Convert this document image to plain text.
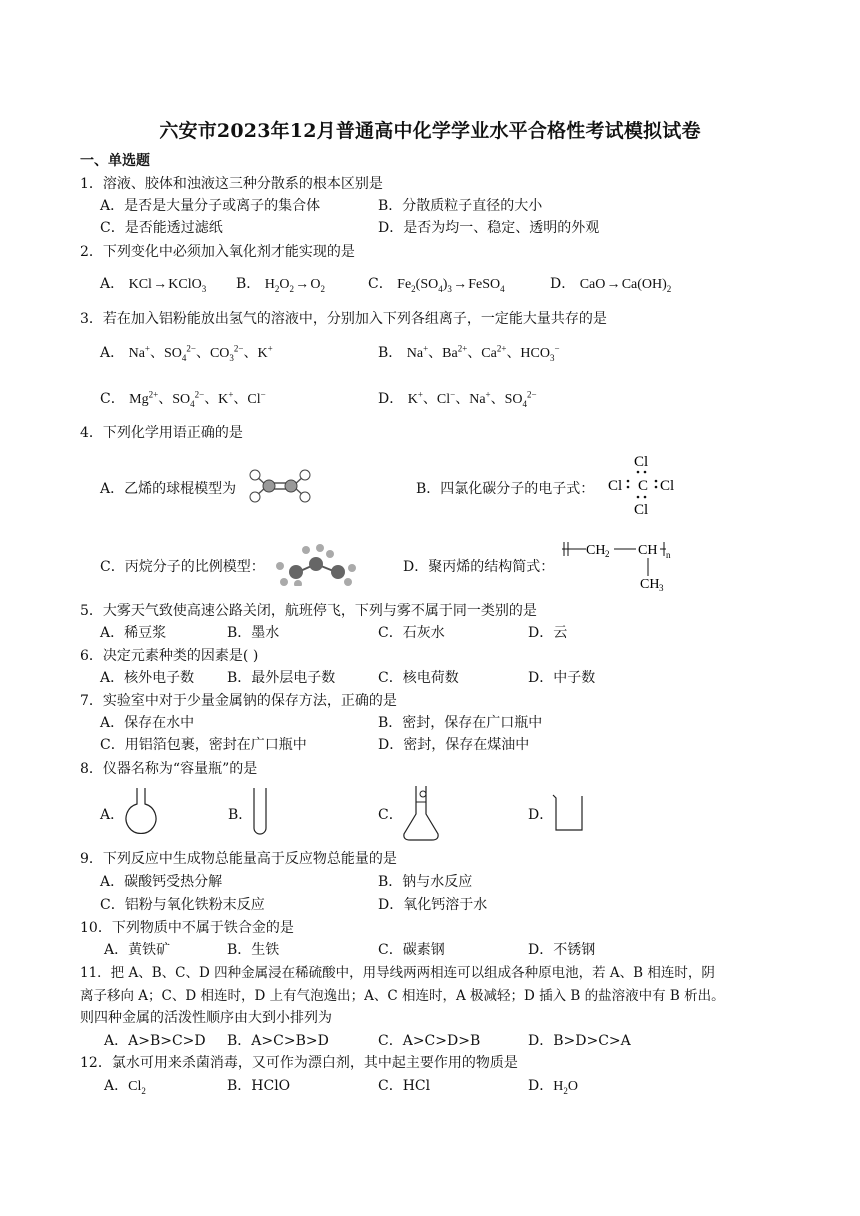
六安市2023年12月普通高中化学学业水平合格性考试模拟试卷
一、单选题
1．溶液、胶体和浊液这三种分散系的根本区别是
A．是否是大量分子或离子的集合体	B．分散质粒子直径的大小
C．是否能透过滤纸	D．是否为均一、稳定、透明的外观
2．下列变化中必须加入氧化剂才能实现的是
A． KCl → KClO$_3$ B． $H_2O_2$ → $O_2$	C． $Fe_2(SO_4)_3$ → FeSO$_4$	D． CaO → $Ca(OH)_2$
3．若在加入铝粉能放出氢气的溶液中，分别加入下列各组离子，一定能大量共存的是
A． Na+、$SO_4^{2-}$、$CO_3^{2-}$、K+	B． Na+、$Ba^{2+}$、$Ca^{2+}$、$HCO_3^-$
C． $Mg^{2+}$、$SO_4^{2-}$、K+、Cl−	D． K+、Cl−、Na+、$SO_4^{2-}$
4．下列化学用语正确的是
A．乙烯的球棍模型为	B．四氯化碳分子的电子式：
Cl
Cl C Cl
Cl
C．丙烷分子的比例模型：	D．聚丙烯的结构简式：
CH 2 CH n
CH 3
5．大雾天气致使高速公路关闭，航班停飞，下列与雾不属于同一类别的是
A．稀豆浆	B．墨水	C．石灰水	D．云
6．决定元素种类的因素是( )
A．核外电子数 B．最外层电子数	C．核电荷数	D．中子数
7．实验室中对于少量金属钠的保存方法，正确的是
A．保存在水中	B．密封，保存在广口瓶中
C．用铝箔包裹，密封在广口瓶中	D．密封，保存在煤油中
8．仪器名称为“容量瓶”的是
A．	B．	C．	D．
9．下列反应中生成物总能量高于反应物总能量的是
A．碳酸钙受热分解	B．钠与水反应
C．铝粉与氧化铁粉末反应	D．氧化钙溶于水
10．下列物质中不属于铁合金的是
A．黄铁矿	B．生铁	C．碳素钢	D．不锈钢
11．把 A、B、C、D 四种金属浸在稀硫酸中，用导线两两相连可以组成各种原电池，若 A、B 相连时，阴
离子移向 A；C、D 相连时，D 上有气泡逸出；A、C 相连时，A 极减轻；D 插入 B 的盐溶液中有 B 析出。
则四种金属的活泼性顺序由大到小排列为
A．A>B>C>D B．A>C>B>D	C．A>C>D>B	D．B>D>C>A
12．氯水可用来杀菌消毒，又可作为漂白剂，其中起主要作用的物质是
A．$Cl_2$	B．HClO	C．HCl	D．$H_2O$
